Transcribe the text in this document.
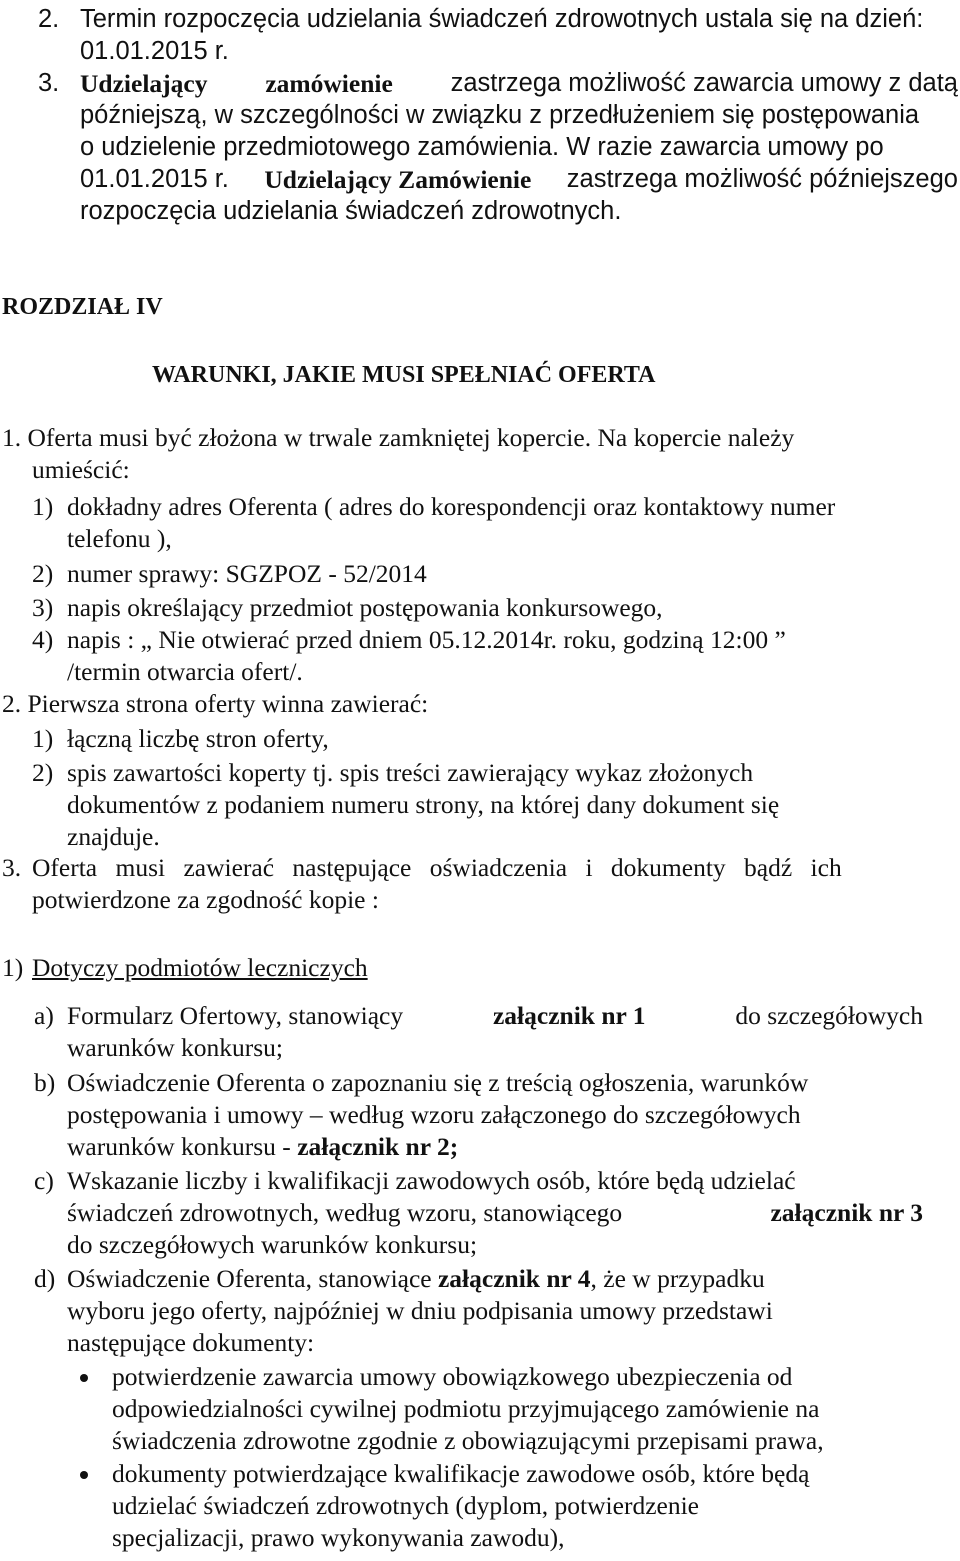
2. Termin rozpoczęcia udzielania świadczeń zdrowotnych ustala się na dzień:
01.01.2015 r.
3. Udzielający zamówienie zastrzega możliwość zawarcia umowy z datą
późniejszą, w szczególności w związku z przedłużeniem się postępowania
o udzielenie przedmiotowego zamówienia. W razie zawarcia umowy po
01.01.2015 r. Udzielający Zamówienie zastrzega możliwość późniejszego
rozpoczęcia udzielania świadczeń zdrowotnych.
ROZDZIAŁ IV
WARUNKI, JAKIE MUSI SPEŁNIAĆ OFERTA
1. Oferta musi być złożona w trwale zamkniętej kopercie. Na kopercie należy
umieścić:
1) dokładny adres Oferenta ( adres do korespondencji oraz kontaktowy numer
telefonu ),
2) numer sprawy: SGZPOZ - 52/2014
3) napis określający przedmiot postępowania konkursowego,
4) napis : „ Nie otwierać przed dniem 05.12.2014r. roku, godziną 12:00 ”
/termin otwarcia ofert/.
2. Pierwsza strona oferty winna zawierać:
1) łączną liczbę stron oferty,
2) spis zawartości koperty tj. spis treści zawierający wykaz złożonych
dokumentów z podaniem numeru strony, na której dany dokument się
znajduje.
3. Oferta musi zawierać następujące oświadczenia i dokumenty bądź ich
potwierdzone za zgodność kopie :
1) Dotyczy podmiotów leczniczych
a) Formularz Ofertowy, stanowiący	załącznik nr 1	do szczegółowych
warunków konkursu;
b) Oświadczenie Oferenta o zapoznaniu się z treścią ogłoszenia, warunków
postępowania i umowy – według wzoru załączonego do szczegółowych
warunków konkursu - załącznik nr 2;
c) Wskazanie liczby i kwalifikacji zawodowych osób, które będą udzielać
świadczeń zdrowotnych, według wzoru, stanowiącego	załącznik nr 3
do szczegółowych warunków konkursu;
d) Oświadczenie Oferenta, stanowiące załącznik nr 4, że w przypadku
wyboru jego oferty, najpóźniej w dniu podpisania umowy przedstawi
następujące dokumenty:
potwierdzenie zawarcia umowy obowiązkowego ubezpieczenia od
odpowiedzialności cywilnej podmiotu przyjmującego zamówienie na
świadczenia zdrowotne zgodnie z obowiązującymi przepisami prawa,
dokumenty potwierdzające kwalifikacje zawodowe osób, które będą
udzielać świadczeń zdrowotnych (dyplom, potwierdzenie
specjalizacji, prawo wykonywania zawodu),
